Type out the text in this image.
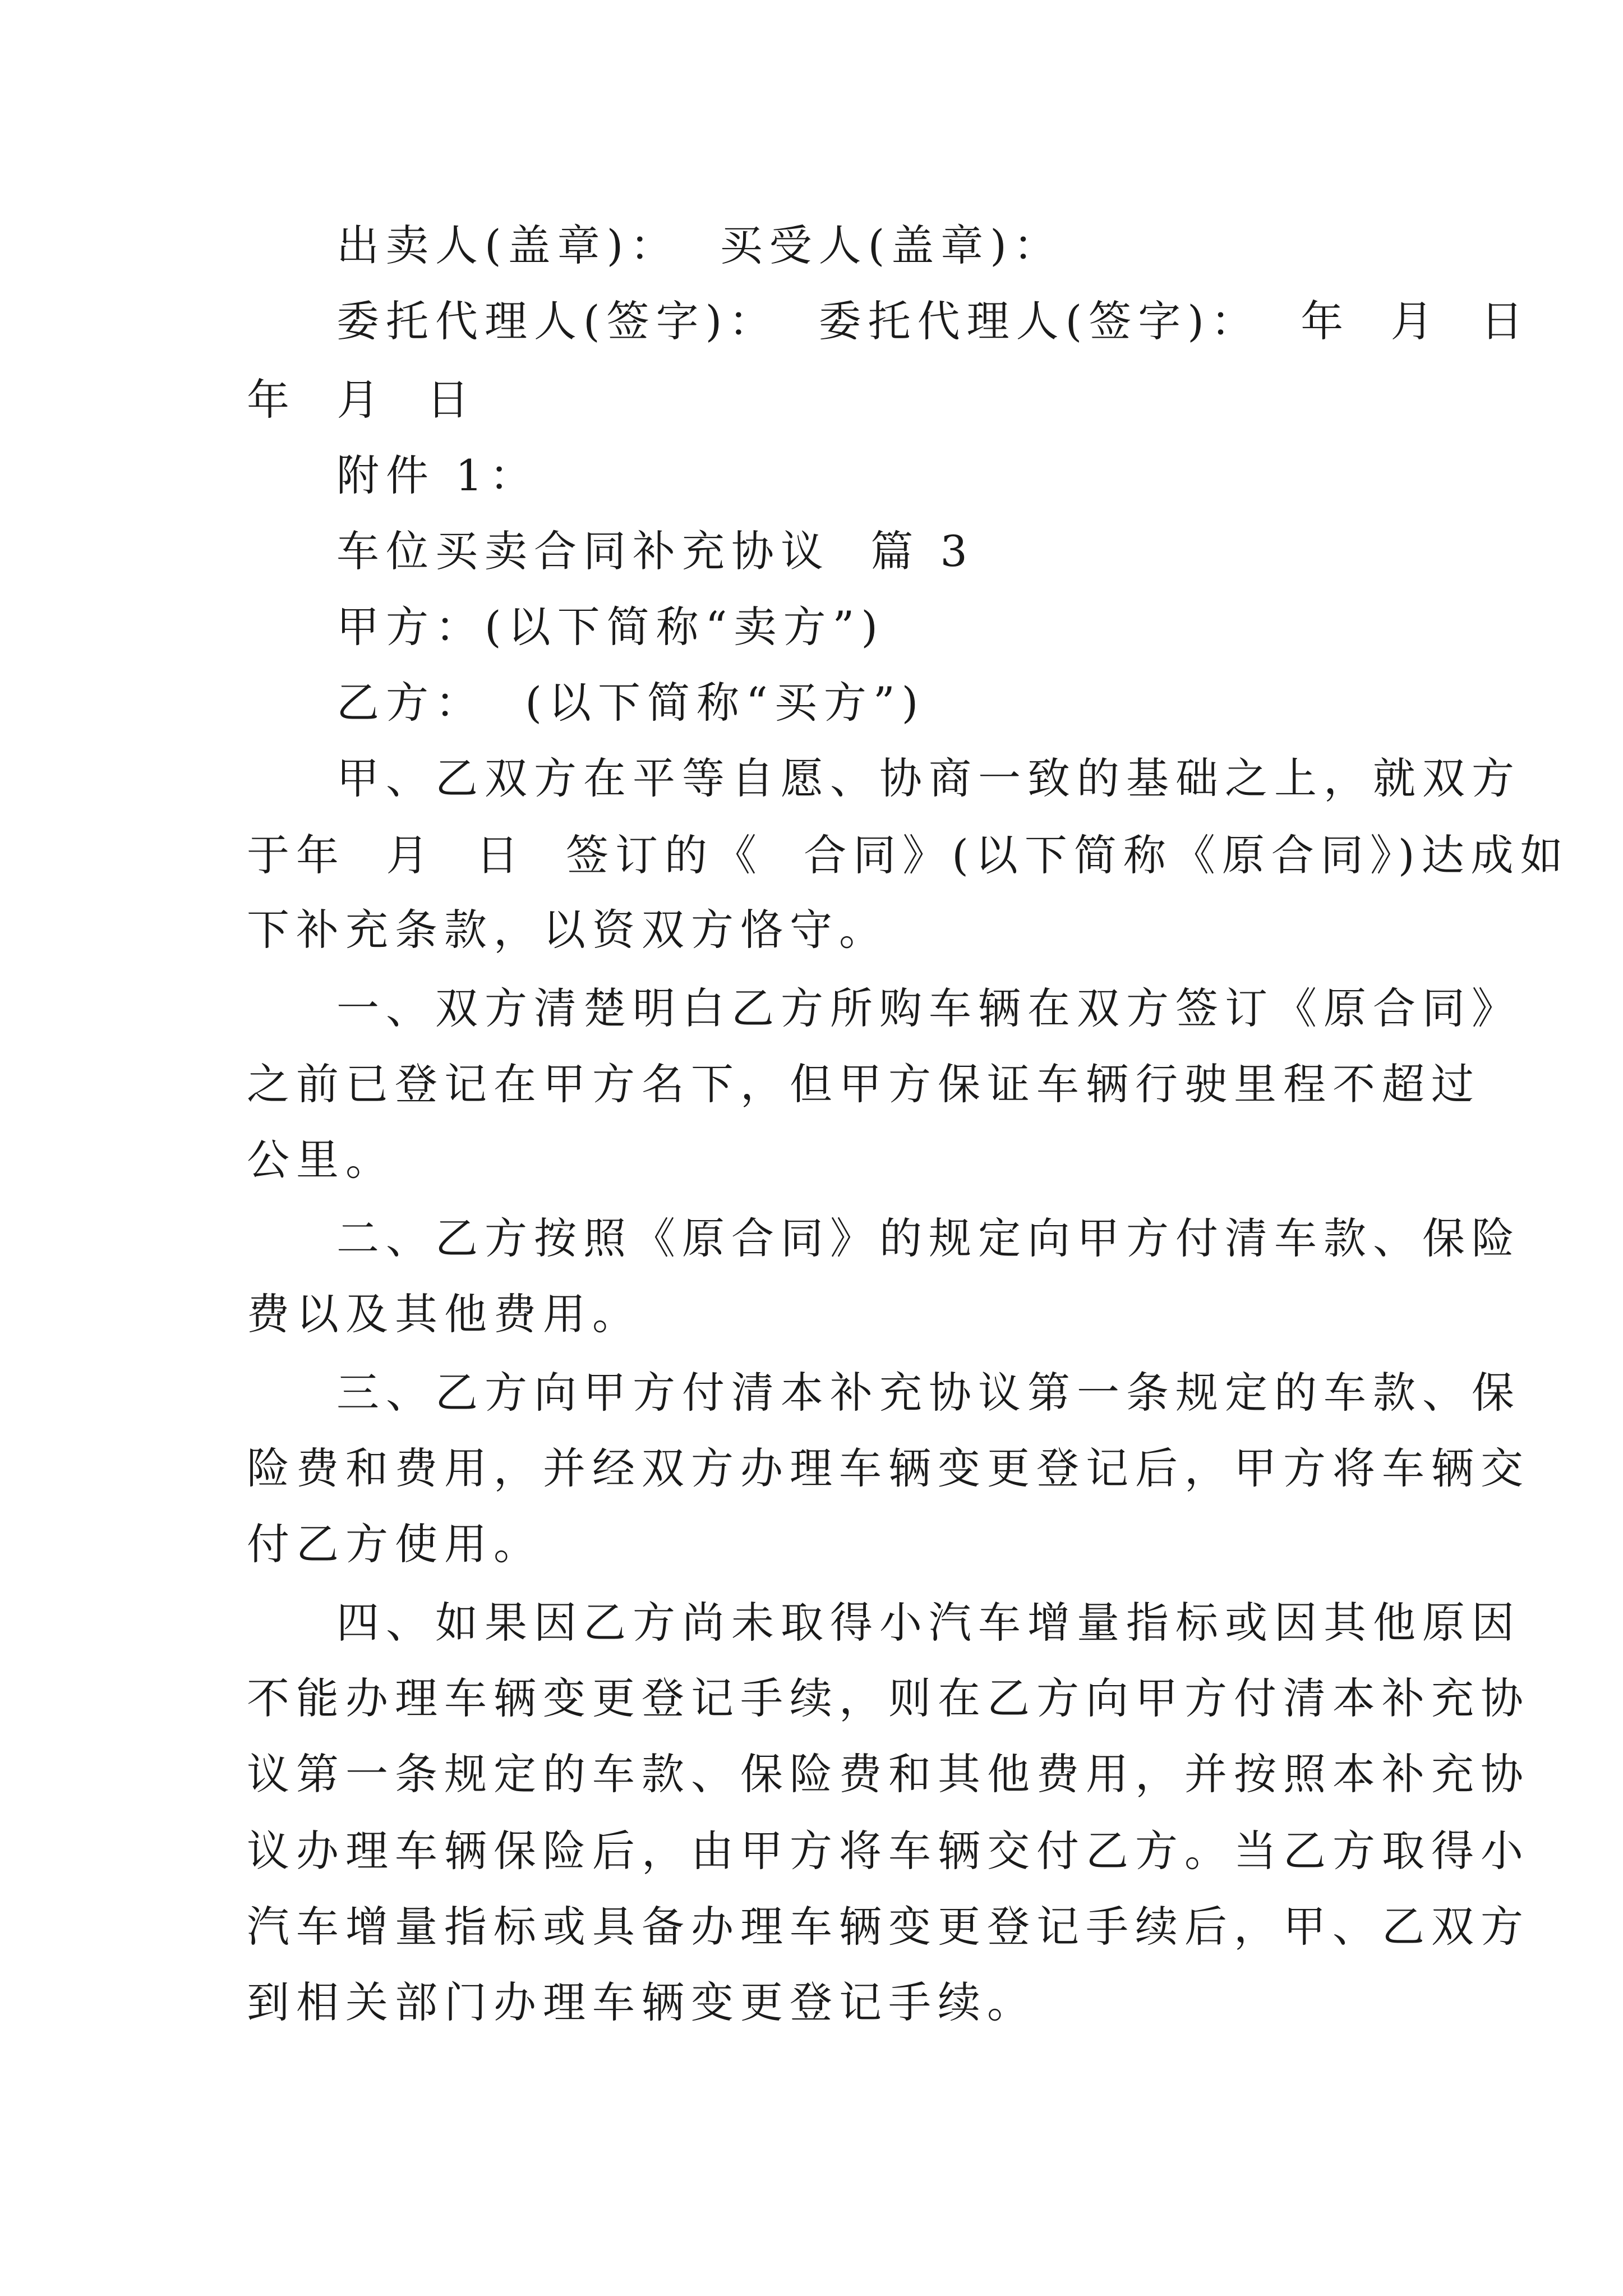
出卖人(盖章)：  买受人(盖章)：
委托代理人(签字)：  委托代理人(签字)：  年  月  日
年  月  日
附件 1：
车位买卖合同补充协议  篇 3
甲方：(以下简称“卖方”)
乙方：  (以下简称“买方”)
甲、乙双方在平等自愿、协商一致的基础之上，就双方
于年  月  日  签订的《  合同》(以下简称《原合同》)达成如
下补充条款，以资双方恪守。
一、双方清楚明白乙方所购车辆在双方签订《原合同》
之前已登记在甲方名下，但甲方保证车辆行驶里程不超过
公里。
二、乙方按照《原合同》的规定向甲方付清车款、保险
费以及其他费用。
三、乙方向甲方付清本补充协议第一条规定的车款、保
险费和费用，并经双方办理车辆变更登记后，甲方将车辆交
付乙方使用。
四、如果因乙方尚未取得小汽车增量指标或因其他原因
不能办理车辆变更登记手续，则在乙方向甲方付清本补充协
议第一条规定的车款、保险费和其他费用，并按照本补充协
议办理车辆保险后，由甲方将车辆交付乙方。当乙方取得小
汽车增量指标或具备办理车辆变更登记手续后，甲、乙双方
到相关部门办理车辆变更登记手续。
